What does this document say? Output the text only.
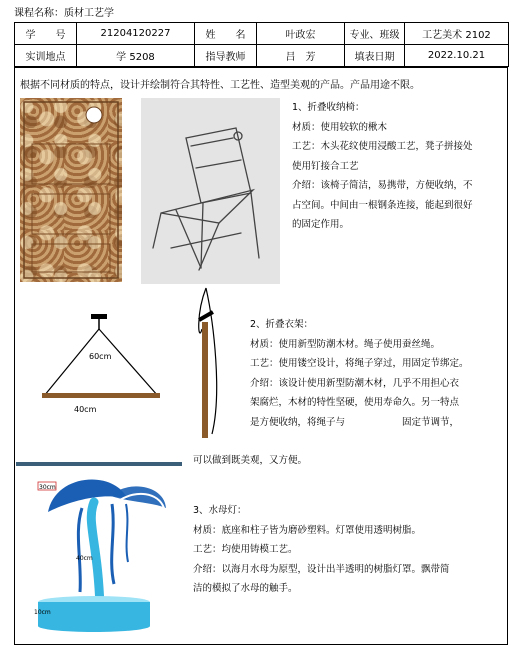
课程名称：质材工艺学
学　　号	21204120227	姓　　名	叶政宏	专业、班级	工艺美术 2102
实训地点	学 5208	指导教师	吕　芳	填表日期	2022.10.21
根据不同材质的特点，设计并绘制符合其特性、工艺性、造型美观的产品。产品用途不限。
1、折叠收纳椅：
材质：使用较软的楸木
工艺：木头花纹使用浸酸工艺，凳子拼接处
使用钉接合工艺
介绍：该椅子简洁，易携带，方便收纳，不
占空间。中间由一根钢条连接，能起到很好
的固定作用。
60cm
40cm
2、折叠衣架：
材质：使用新型防潮木材。绳子使用蚕丝绳。
工艺：使用镂空设计，将绳子穿过，用固定节绑定。
介绍：该设计使用新型防潮木材，几乎不用担心衣
架腐烂，木材的特性坚硬，使用寿命久。另一特点
是方便收纳，将绳子与　　　　　　固定节调节，
可以做到既美观，又方便。
30cm
40cm
10cm
3、水母灯：
材质：底座和柱子皆为磨砂塑料。灯罩使用透明树脂。
工艺：均使用铸模工艺。
介绍：以海月水母为原型，设计出半透明的树脂灯罩。飘带简
洁的模拟了水母的触手。
